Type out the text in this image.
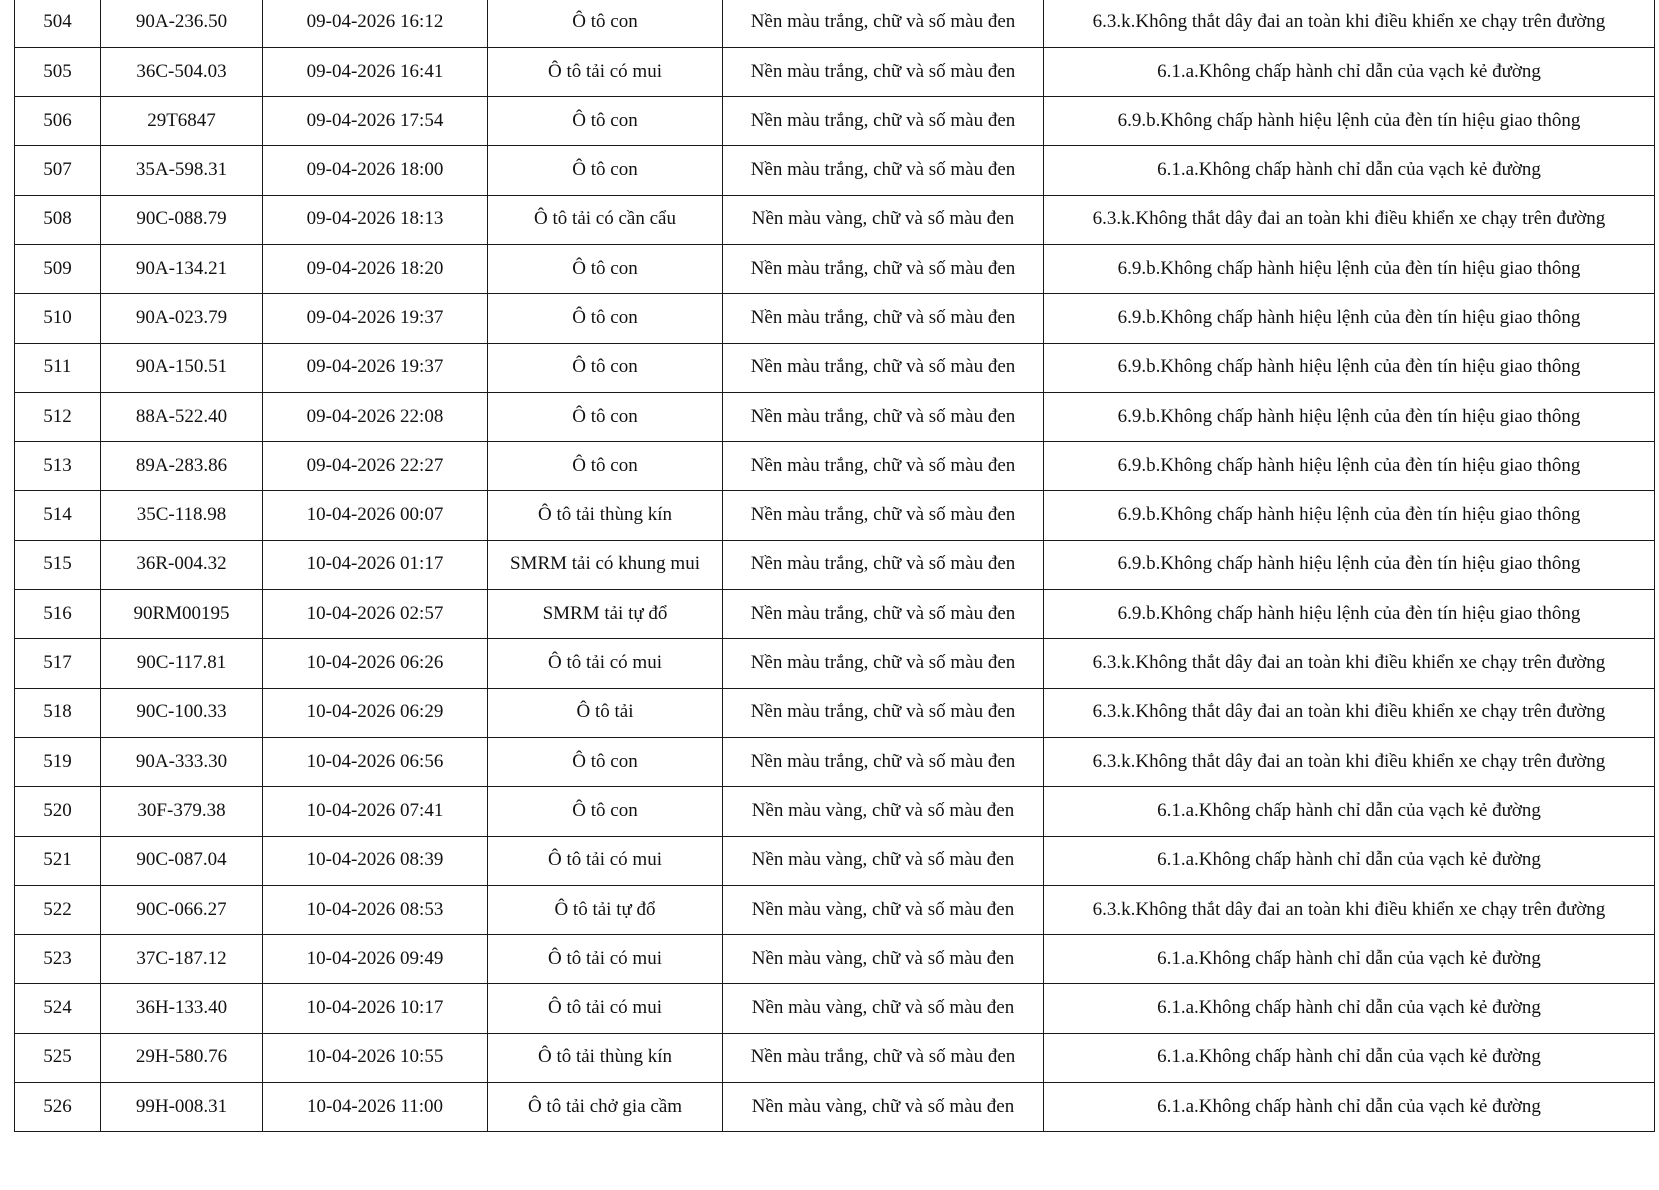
504	90A-236.50	09-04-2026 16:12	Ô tô con	Nền màu trắng, chữ và số màu đen	6.3.k.Không thắt dây đai an toàn khi điều khiển xe chạy trên đường
505	36C-504.03	09-04-2026 16:41	Ô tô tải có mui	Nền màu trắng, chữ và số màu đen	6.1.a.Không chấp hành chỉ dẫn của vạch kẻ đường
506	29T6847	09-04-2026 17:54	Ô tô con	Nền màu trắng, chữ và số màu đen	6.9.b.Không chấp hành hiệu lệnh của đèn tín hiệu giao thông
507	35A-598.31	09-04-2026 18:00	Ô tô con	Nền màu trắng, chữ và số màu đen	6.1.a.Không chấp hành chỉ dẫn của vạch kẻ đường
508	90C-088.79	09-04-2026 18:13	Ô tô tải có cần cẩu	Nền màu vàng, chữ và số màu đen	6.3.k.Không thắt dây đai an toàn khi điều khiển xe chạy trên đường
509	90A-134.21	09-04-2026 18:20	Ô tô con	Nền màu trắng, chữ và số màu đen	6.9.b.Không chấp hành hiệu lệnh của đèn tín hiệu giao thông
510	90A-023.79	09-04-2026 19:37	Ô tô con	Nền màu trắng, chữ và số màu đen	6.9.b.Không chấp hành hiệu lệnh của đèn tín hiệu giao thông
511	90A-150.51	09-04-2026 19:37	Ô tô con	Nền màu trắng, chữ và số màu đen	6.9.b.Không chấp hành hiệu lệnh của đèn tín hiệu giao thông
512	88A-522.40	09-04-2026 22:08	Ô tô con	Nền màu trắng, chữ và số màu đen	6.9.b.Không chấp hành hiệu lệnh của đèn tín hiệu giao thông
513	89A-283.86	09-04-2026 22:27	Ô tô con	Nền màu trắng, chữ và số màu đen	6.9.b.Không chấp hành hiệu lệnh của đèn tín hiệu giao thông
514	35C-118.98	10-04-2026 00:07	Ô tô tải thùng kín	Nền màu trắng, chữ và số màu đen	6.9.b.Không chấp hành hiệu lệnh của đèn tín hiệu giao thông
515	36R-004.32	10-04-2026 01:17	SMRM tải có khung mui	Nền màu trắng, chữ và số màu đen	6.9.b.Không chấp hành hiệu lệnh của đèn tín hiệu giao thông
516	90RM00195	10-04-2026 02:57	SMRM tải tự đổ	Nền màu trắng, chữ và số màu đen	6.9.b.Không chấp hành hiệu lệnh của đèn tín hiệu giao thông
517	90C-117.81	10-04-2026 06:26	Ô tô tải có mui	Nền màu trắng, chữ và số màu đen	6.3.k.Không thắt dây đai an toàn khi điều khiển xe chạy trên đường
518	90C-100.33	10-04-2026 06:29	Ô tô tải	Nền màu trắng, chữ và số màu đen	6.3.k.Không thắt dây đai an toàn khi điều khiển xe chạy trên đường
519	90A-333.30	10-04-2026 06:56	Ô tô con	Nền màu trắng, chữ và số màu đen	6.3.k.Không thắt dây đai an toàn khi điều khiển xe chạy trên đường
520	30F-379.38	10-04-2026 07:41	Ô tô con	Nền màu vàng, chữ và số màu đen	6.1.a.Không chấp hành chỉ dẫn của vạch kẻ đường
521	90C-087.04	10-04-2026 08:39	Ô tô tải có mui	Nền màu vàng, chữ và số màu đen	6.1.a.Không chấp hành chỉ dẫn của vạch kẻ đường
522	90C-066.27	10-04-2026 08:53	Ô tô tải tự đổ	Nền màu vàng, chữ và số màu đen	6.3.k.Không thắt dây đai an toàn khi điều khiển xe chạy trên đường
523	37C-187.12	10-04-2026 09:49	Ô tô tải có mui	Nền màu vàng, chữ và số màu đen	6.1.a.Không chấp hành chỉ dẫn của vạch kẻ đường
524	36H-133.40	10-04-2026 10:17	Ô tô tải có mui	Nền màu vàng, chữ và số màu đen	6.1.a.Không chấp hành chỉ dẫn của vạch kẻ đường
525	29H-580.76	10-04-2026 10:55	Ô tô tải thùng kín	Nền màu trắng, chữ và số màu đen	6.1.a.Không chấp hành chỉ dẫn của vạch kẻ đường
526	99H-008.31	10-04-2026 11:00	Ô tô tải chở gia cầm	Nền màu vàng, chữ và số màu đen	6.1.a.Không chấp hành chỉ dẫn của vạch kẻ đường
